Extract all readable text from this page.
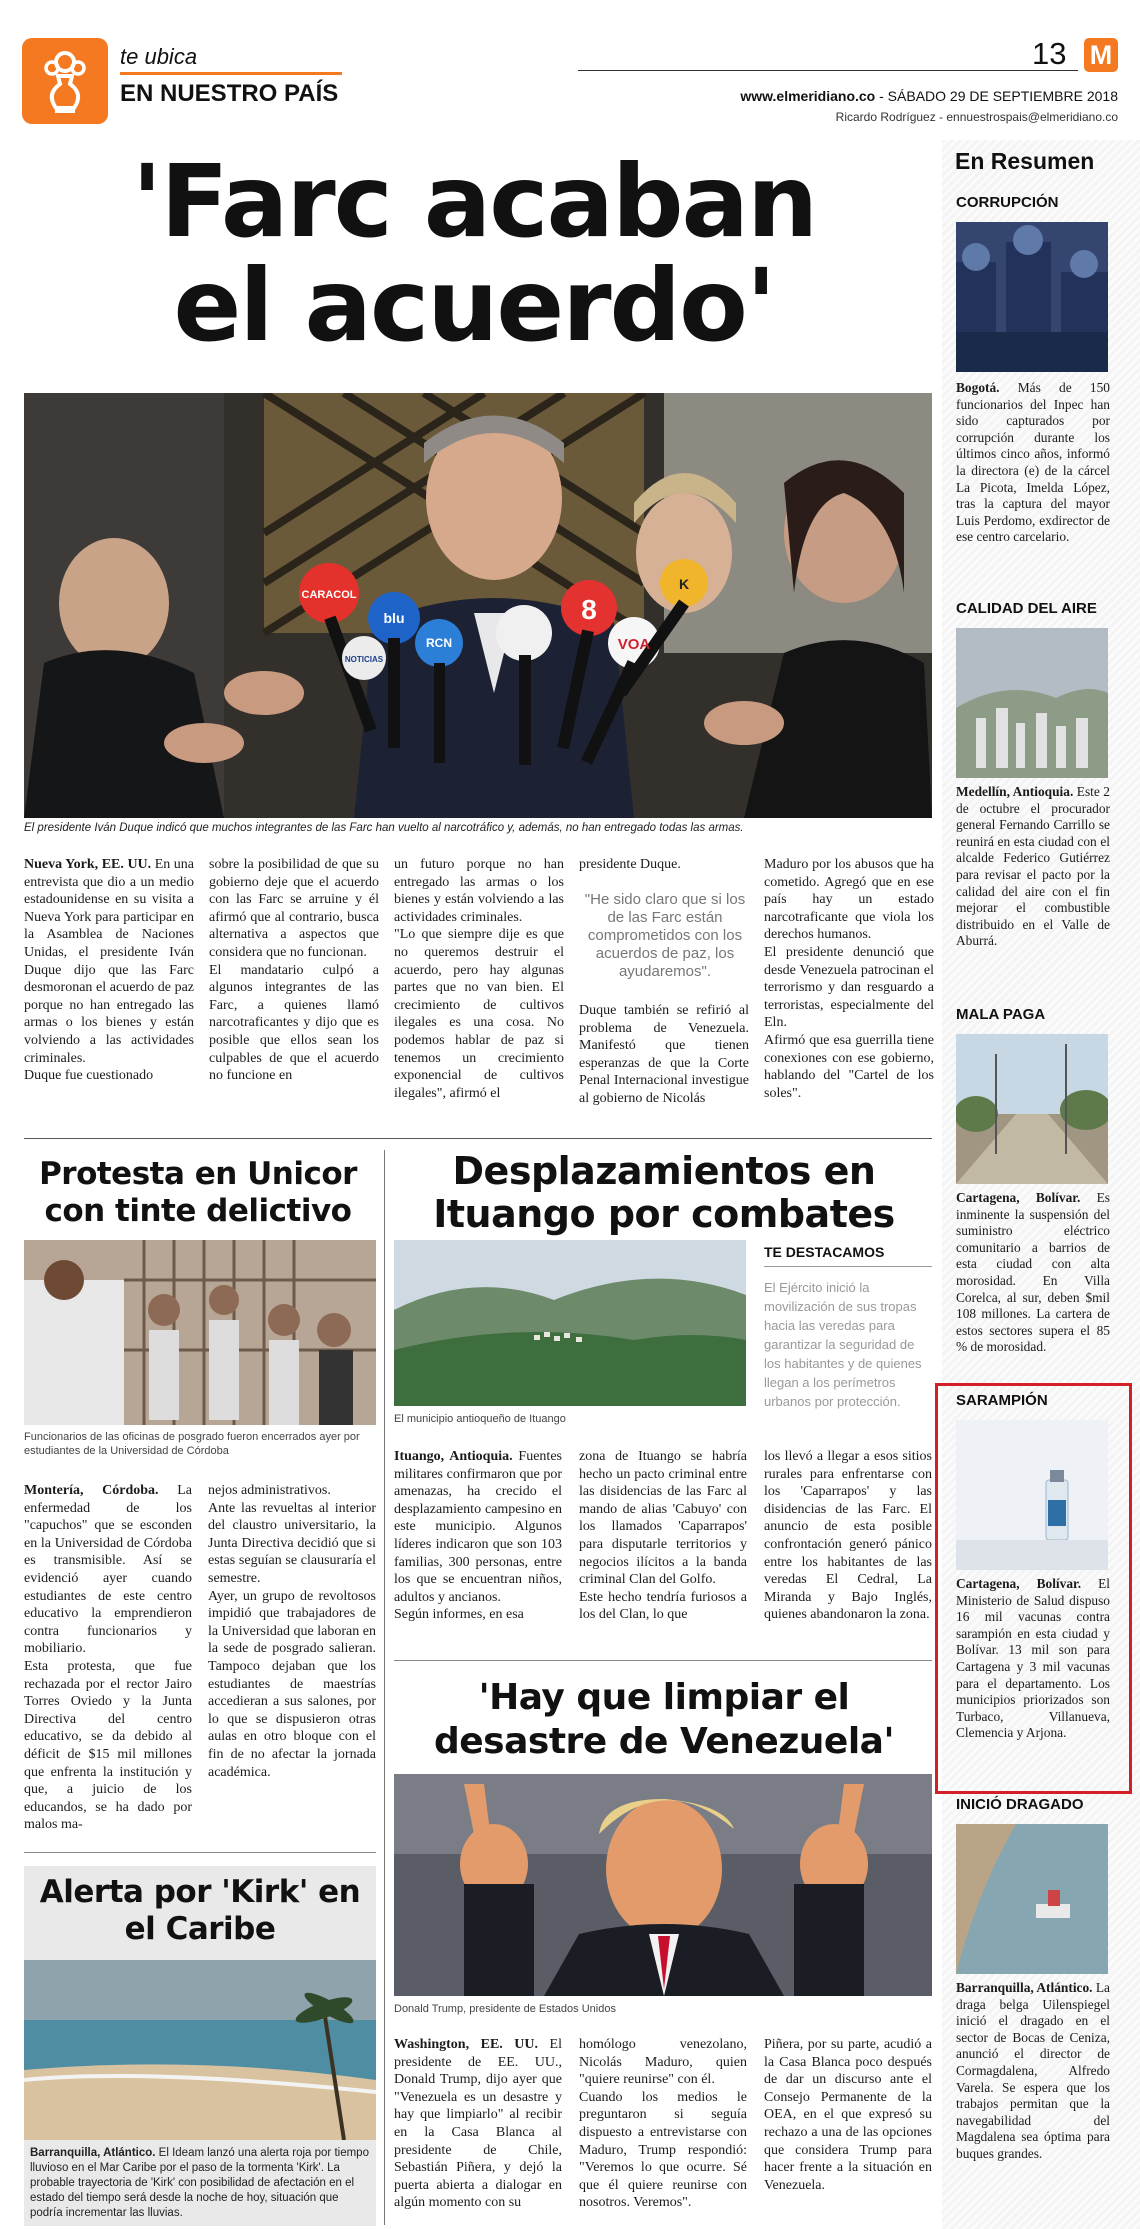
te ubica
EN NUESTRO PAÍS
13 M
www.elmeridiano.co - SÁBADO 29 DE SEPTIEMBRE 2018
Ricardo Rodríguez - ennuestrospais@elmeridiano.co
'Farc acaban
el acuerdo'
CARACOL
blu
RCN
NOTICIAS
8
VOA
K
El presidente Iván Duque indicó que muchos integrantes de las Farc han vuelto al narcotráfico y, además, no han entregado todas las armas.
Nueva York, EE. UU. En una entrevista que dio a un medio estadounidense en su visita a Nueva York para participar en la Asamblea de Naciones Unidas, el presidente Iván Duque dijo que las Farc desmoronan el acuerdo de paz porque no han entregado las armas o los bienes y están volviendo a las actividades criminales.
Duque fue cuestionado
sobre la posibilidad de que su gobierno deje que el acuerdo con las Farc se arruine y él afirmó que al contrario, busca alternativa a aspectos que considera que no funcionan.
El mandatario culpó a algunos integrantes de las Farc, a quienes llamó narcotraficantes y dijo que es posible que ellos sean los culpables de que el acuerdo no funcione en
un futuro porque no han entregado las armas o los bienes y están volviendo a las actividades criminales.
"Lo que siempre dije es que no queremos destruir el acuerdo, pero hay algunas partes que no van bien. El crecimiento de cultivos ilegales es una cosa. No podemos hablar de paz si tenemos un crecimiento exponencial de cultivos ilegales", afirmó el
presidente Duque.
"He sido claro que si los de las Farc están comprometidos con los acuerdos de paz, los ayudaremos".
Duque también se refirió al problema de Venezuela. Manifestó que tienen esperanzas de que la Corte Penal Internacional investigue al gobierno de Nicolás
Maduro por los abusos que ha cometido. Agregó que en ese país hay un estado narcotraficante que viola los derechos humanos.
El presidente denunció que desde Venezuela patrocinan el terrorismo y dan resguardo a terroristas, especialmente del Eln.
Afirmó que esa guerrilla tiene conexiones con ese gobierno, hablando del "Cartel de los soles".
En Resumen
CORRUPCIÓN
Bogotá. Más de 150 funcionarios del Inpec han sido capturados por corrupción durante los últimos cinco años, informó la directora (e) de la cárcel La Picota, Imelda López, tras la captura del mayor Luis Perdomo, exdirector de ese centro carcelario.
CALIDAD DEL AIRE
Medellín, Antioquia. Este 2 de octubre el procurador general Fernando Carrillo se reunirá en esta ciudad con el alcalde Federico Gutiérrez para revisar el pacto por la calidad del aire con el fin mejorar el combustible distribuido en el Valle de Aburrá.
MALA PAGA
Cartagena, Bolívar. Es inminente la suspensión del suministro eléctrico comunitario a barrios de esta ciudad con alta morosidad. En Villa Corelca, al sur, deben $mil 108 millones. La cartera de estos sectores supera el 85 % de morosidad.
SARAMPIÓN
Cartagena, Bolívar. El Ministerio de Salud dispuso 16 mil vacunas contra sarampión en esta ciudad y Bolívar. 13 mil son para Cartagena y 3 mil vacunas para el departamento. Los municipios priorizados son Turbaco, Villanueva, Clemencia y Arjona.
INICIÓ DRAGADO
Barranquilla, Atlántico. La draga belga Uilenspiegel inició el dragado en el sector de Bocas de Ceniza, anunció el director de Cormagdalena, Alfredo Varela. Se espera que los trabajos permitan que la navegabilidad del Magdalena sea óptima para buques grandes.
Protesta en Unicor con tinte delictivo
Funcionarios de las oficinas de posgrado fueron encerrados ayer por estudiantes de la Universidad de Córdoba
Montería, Córdoba. La enfermedad de los "capuchos" que se esconden en la Universidad de Córdoba es transmisible. Así se evidenció ayer cuando estudiantes de este centro educativo la emprendieron contra funcionarios y mobiliario.
Esta protesta, que fue rechazada por el rector Jairo Torres Oviedo y la Junta Directiva del centro educativo, se da debido al déficit de $15 mil millones que enfrenta la institución y que, a juicio de los educandos, se ha dado por malos ma-
nejos administrativos.
Ante las revueltas al interior del claustro universitario, la Junta Directiva decidió que si estas seguían se clausuraría el semestre.
Ayer, un grupo de revoltosos impidió que trabajadores de la Universidad que laboran en la sede de posgrado salieran. Tampoco dejaban que los estudiantes de maestrías accedieran a sus salones, por lo que se dispusieron otras aulas en otro bloque con el fin de no afectar la jornada académica.
Alerta por 'Kirk' en el Caribe
Barranquilla, Atlántico. El Ideam lanzó una alerta roja por tiempo lluvioso en el Mar Caribe por el paso de la tormenta 'Kirk'. La probable trayectoria de 'Kirk' con posibilidad de afectación en el estado del tiempo será desde la noche de hoy, situación que podría incrementar las lluvias.
Desplazamientos en Ituango por combates
El municipio antioqueño de Ituango
TE DESTACAMOS
El Ejército inició la movilización de sus tropas hacia las veredas para garantizar la seguridad de los habitantes y de quienes llegan a los perímetros urbanos por protección.
Ituango, Antioquia. Fuentes militares confirmaron que por amenazas, ha crecido el desplazamiento campesino en este municipio. Algunos líderes indicaron que son 103 familias, 300 personas, entre los que se encuentran niños, adultos y ancianos.
Según informes, en esa
zona de Ituango se habría hecho un pacto criminal entre las disidencias de las Farc al mando de alias 'Cabuyo' con los llamados 'Caparrapos' para disputarle territorios y negocios ilícitos a la banda criminal Clan del Golfo.
Este hecho tendría furiosos a los del Clan, lo que
los llevó a llegar a esos sitios rurales para enfrentarse con los 'Caparrapos' y las disidencias de las Farc. El anuncio de esta posible confrontación generó pánico entre los habitantes de las veredas El Cedral, La Miranda y Bajo Inglés, quienes abandonaron la zona.
'Hay que limpiar el desastre de Venezuela'
Donald Trump, presidente de Estados Unidos
Washington, EE. UU. El presidente de EE. UU., Donald Trump, dijo ayer que "Venezuela es un desastre y hay que limpiarlo" al recibir en la Casa Blanca al presidente de Chile, Sebastián Piñera, y dejó la puerta abierta a dialogar en algún momento con su
homólogo venezolano, Nicolás Maduro, quien "quiere reunirse" con él.
Cuando los medios le preguntaron si seguía dispuesto a entrevistarse con Maduro, Trump respondió: "Veremos lo que ocurre. Sé que él quiere reunirse con nosotros. Veremos".
Piñera, por su parte, acudió a la Casa Blanca poco después de dar un discurso ante el Consejo Permanente de la OEA, en el que expresó su rechazo a una de las opciones que considera Trump para hacer frente a la situación en Venezuela.
